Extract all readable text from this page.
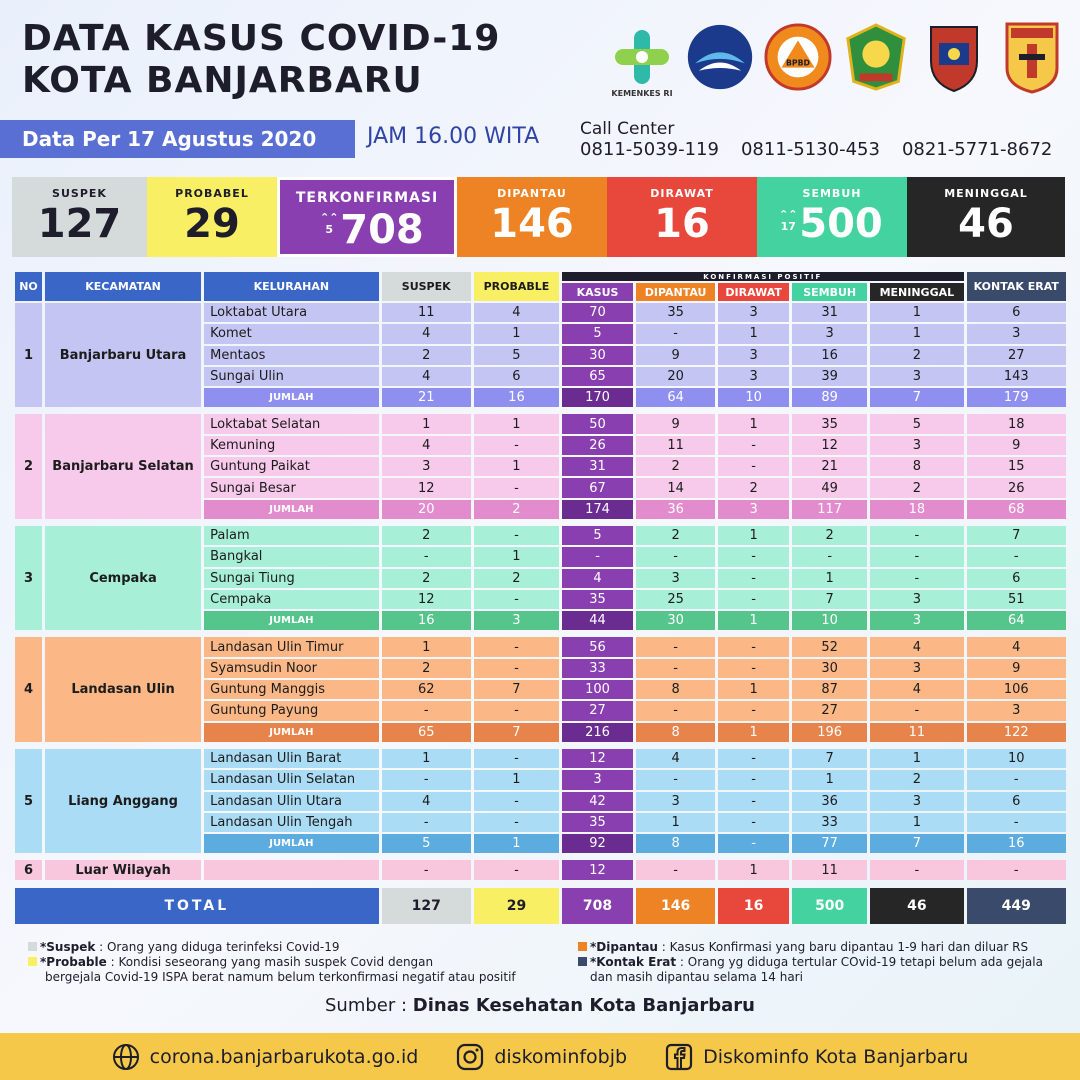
DATA KASUS COVID-19
KOTA BANJARBARU	KEMENKES RI
BPBD
Data Per 17 Agustus 2020	JAM 16.00 WITA Call Center
0811-5039-119 0811-5130-453 0821-5771-8672
SUSPEK
127
PROBABEL
29
TERKONFIRMASI
⌃⌃
5 708
DIPANTAU
146
DIRAWAT
16
SEMBUH
⌃⌃
17 500
MENINGGAL
46
NO	KECAMATAN	KELURAHAN	SUSPEK	PROBABLE	KONFIRMASI POSITIF					KONTAK ERAT
					KASUS	DIPANTAU	DIRAWAT	SEMBUH	MENINGGAL	
1	Banjarbaru Utara	Loktabat Utara	11	4	70	35	3	31	1	6
		Komet	4	1	5	-	1	3	1	3
		Mentaos	2	5	30	9	3	16	2	27
		Sungai Ulin	4	6	65	20	3	39	3	143
		JUMLAH	21	16	170	64	10	89	7	179

2	Banjarbaru Selatan	Loktabat Selatan	1	1	50	9	1	35	5	18
		Kemuning	4	-	26	11	-	12	3	9
		Guntung Paikat	3	1	31	2	-	21	8	15
		Sungai Besar	12	-	67	14	2	49	2	26
		JUMLAH	20	2	174	36	3	117	18	68

3	Cempaka	Palam	2	-	5	2	1	2	-	7
		Bangkal	-	1	-	-	-	-	-	-
		Sungai Tiung	2	2	4	3	-	1	-	6
		Cempaka	12	-	35	25	-	7	3	51
		JUMLAH	16	3	44	30	1	10	3	64

4	Landasan Ulin	Landasan Ulin Timur	1	-	56	-	-	52	4	4
		Syamsudin Noor	2	-	33	-	-	30	3	9
		Guntung Manggis	62	7	100	8	1	87	4	106
		Guntung Payung	-	-	27	-	-	27	-	3
		JUMLAH	65	7	216	8	1	196	11	122

5	Liang Anggang	Landasan Ulin Barat	1	-	12	4	-	7	1	10
		Landasan Ulin Selatan	-	1	3	-	-	1	2	-
		Landasan Ulin Utara	4	-	42	3	-	36	3	6
		Landasan Ulin Tengah	-	-	35	1	-	33	1	-
		JUMLAH	5	1	92	8	-	77	7	16

6	Luar Wilayah		-	-	12	-	1	11	-	-

TOTAL			127	29	708	146	16	500	46	449
*Suspek : Orang yang diduga terinfeksi Covid-19
*Probable : Kondisi seseorang yang masih suspek Covid dengan
bergejala Covid-19 ISPA berat namum belum terkonfirmasi negatif atau positif
*Dipantau : Kasus Konfirmasi yang baru dipantau 1-9 hari dan diluar RS
*Kontak Erat : Orang yg diduga tertular COvid-19 tetapi belum ada gejala
dan masih dipantau selama 14 hari
Sumber : Dinas Kesehatan Kota Banjarbaru
corona.banjarbarukota.go.id	diskominfobjb	Diskominfo Kota Banjarbaru
